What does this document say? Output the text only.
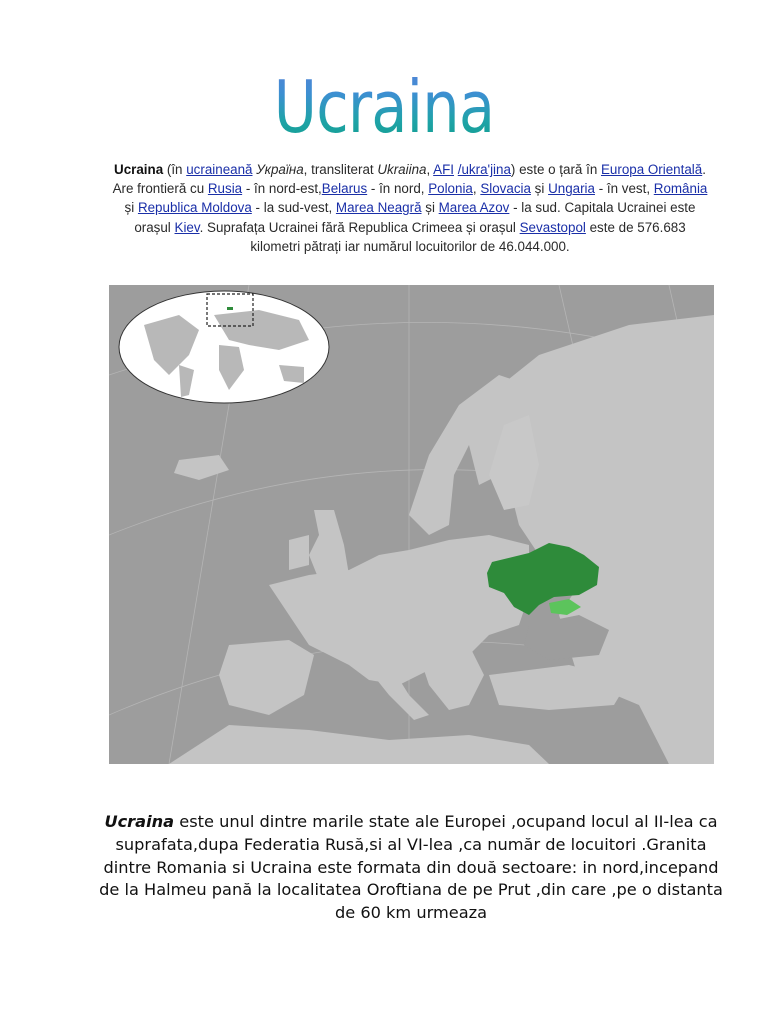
Ucraina
Ucraina (în ucraineană Україна, transliterat Ukraiina, AFI /ukra'jina) este o țară în Europa Orientală. Are frontieră cu Rusia - în nord-est,Belarus - în nord, Polonia, Slovacia și Ungaria - în vest, România și Republica Moldova - la sud-vest, Marea Neagră și Marea Azov - la sud. Capitala Ucrainei este orașul Kiev. Suprafața Ucrainei fără Republica Crimeea și orașul Sevastopol este de 576.683 kilometri pătrați iar numărul locuitorilor de 46.044.000.
Ucraina este unul dintre marile state ale Europei ,ocupand locul al II-lea ca suprafata,dupa Federatia Rusă,si al VI-lea ,ca număr de locuitori .Granita dintre Romania si Ucraina este formata din două sectoare: in nord,incepand de la Halmeu pană la localitatea Oroftiana de pe Prut ,din care ,pe o distanta de 60 km urmeaza
